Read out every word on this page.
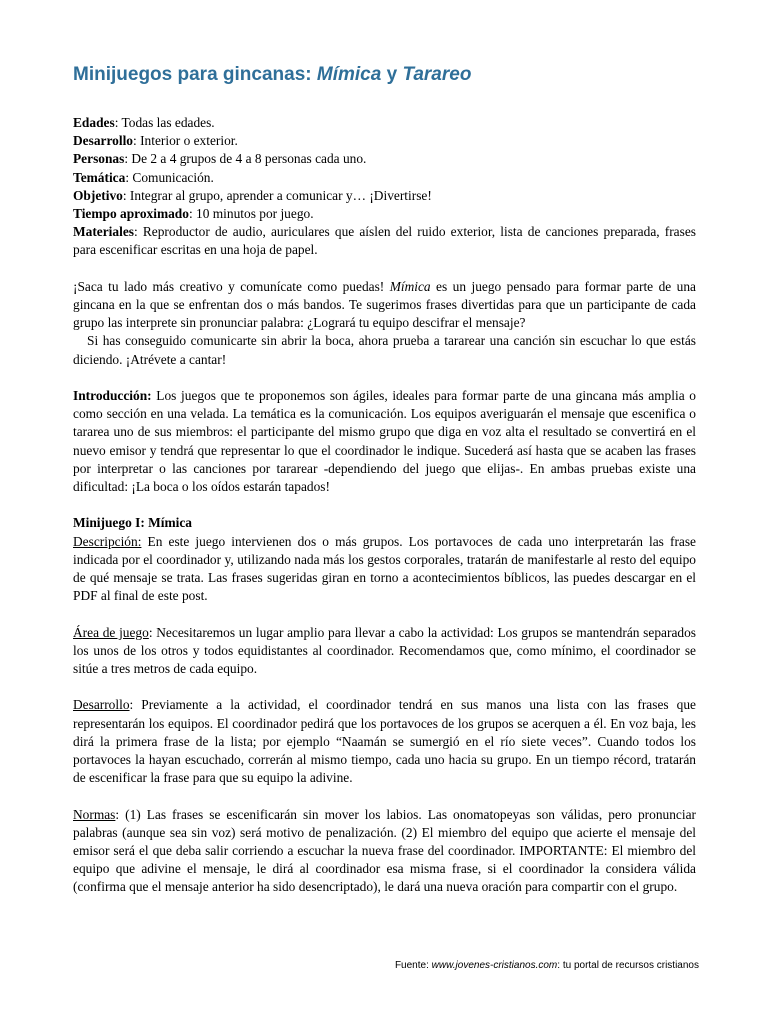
Minijuegos para gincanas: Mímica y Tarareo
Edades: Todas las edades.
Desarrollo: Interior o exterior.
Personas: De 2 a 4 grupos de 4 a 8 personas cada uno.
Temática: Comunicación.
Objetivo: Integrar al grupo, aprender a comunicar y… ¡Divertirse!
Tiempo aproximado: 10 minutos por juego.
Materiales: Reproductor de audio, auriculares que aíslen del ruido exterior, lista de canciones preparada, frases para escenificar escritas en una hoja de papel.

¡Saca tu lado más creativo y comunícate como puedas! Mímica es un juego pensado para formar parte de una gincana en la que se enfrentan dos o más bandos. Te sugerimos frases divertidas para que un participante de cada grupo las interprete sin pronunciar palabra: ¿Logrará tu equipo descifrar el mensaje?

Si has conseguido comunicarte sin abrir la boca, ahora prueba a tararear una canción sin escuchar lo que estás diciendo. ¡Atrévete a cantar!

Introducción: Los juegos que te proponemos son ágiles, ideales para formar parte de una gincana más amplia o como sección en una velada. La temática es la comunicación. Los equipos averiguarán el mensaje que escenifica o tararea uno de sus miembros: el participante del mismo grupo que diga en voz alta el resultado se convertirá en el nuevo emisor y tendrá que representar lo que el coordinador le indique. Sucederá así hasta que se acaben las frases por interpretar o las canciones por tararear -dependiendo del juego que elijas-. En ambas pruebas existe una dificultad: ¡La boca o los oídos estarán tapados!

Minijuego I: Mímica

Descripción: En este juego intervienen dos o más grupos. Los portavoces de cada uno interpretarán las frase indicada por el coordinador y, utilizando nada más los gestos corporales, tratarán de manifestarle al resto del equipo de qué mensaje se trata. Las frases sugeridas giran en torno a acontecimientos bíblicos, las puedes descargar en el PDF al final de este post.

Área de juego: Necesitaremos un lugar amplio para llevar a cabo la actividad: Los grupos se mantendrán separados los unos de los otros y todos equidistantes al coordinador. Recomendamos que, como mínimo, el coordinador se sitúe a tres metros de cada equipo.

Desarrollo: Previamente a la actividad, el coordinador tendrá en sus manos una lista con las frases que representarán los equipos. El coordinador pedirá que los portavoces de los grupos se acerquen a él. En voz baja, les dirá la primera frase de la lista; por ejemplo “Naamán se sumergió en el río siete veces”. Cuando todos los portavoces la hayan escuchado, correrán al mismo tiempo, cada uno hacia su grupo. En un tiempo récord, tratarán de escenificar la frase para que su equipo la adivine.

Normas: (1) Las frases se escenificarán sin mover los labios. Las onomatopeyas son válidas, pero pronunciar palabras (aunque sea sin voz) será motivo de penalización. (2) El miembro del equipo que acierte el mensaje del emisor será el que deba salir corriendo a escuchar la nueva frase del coordinador. IMPORTANTE: El miembro del equipo que adivine el mensaje, le dirá al coordinador esa misma frase, si el coordinador la considera válida (confirma que el mensaje anterior ha sido desencriptado), le dará una nueva oración para compartir con el grupo.

Fuente: www.jovenes-cristianos.com: tu portal de recursos cristianos
